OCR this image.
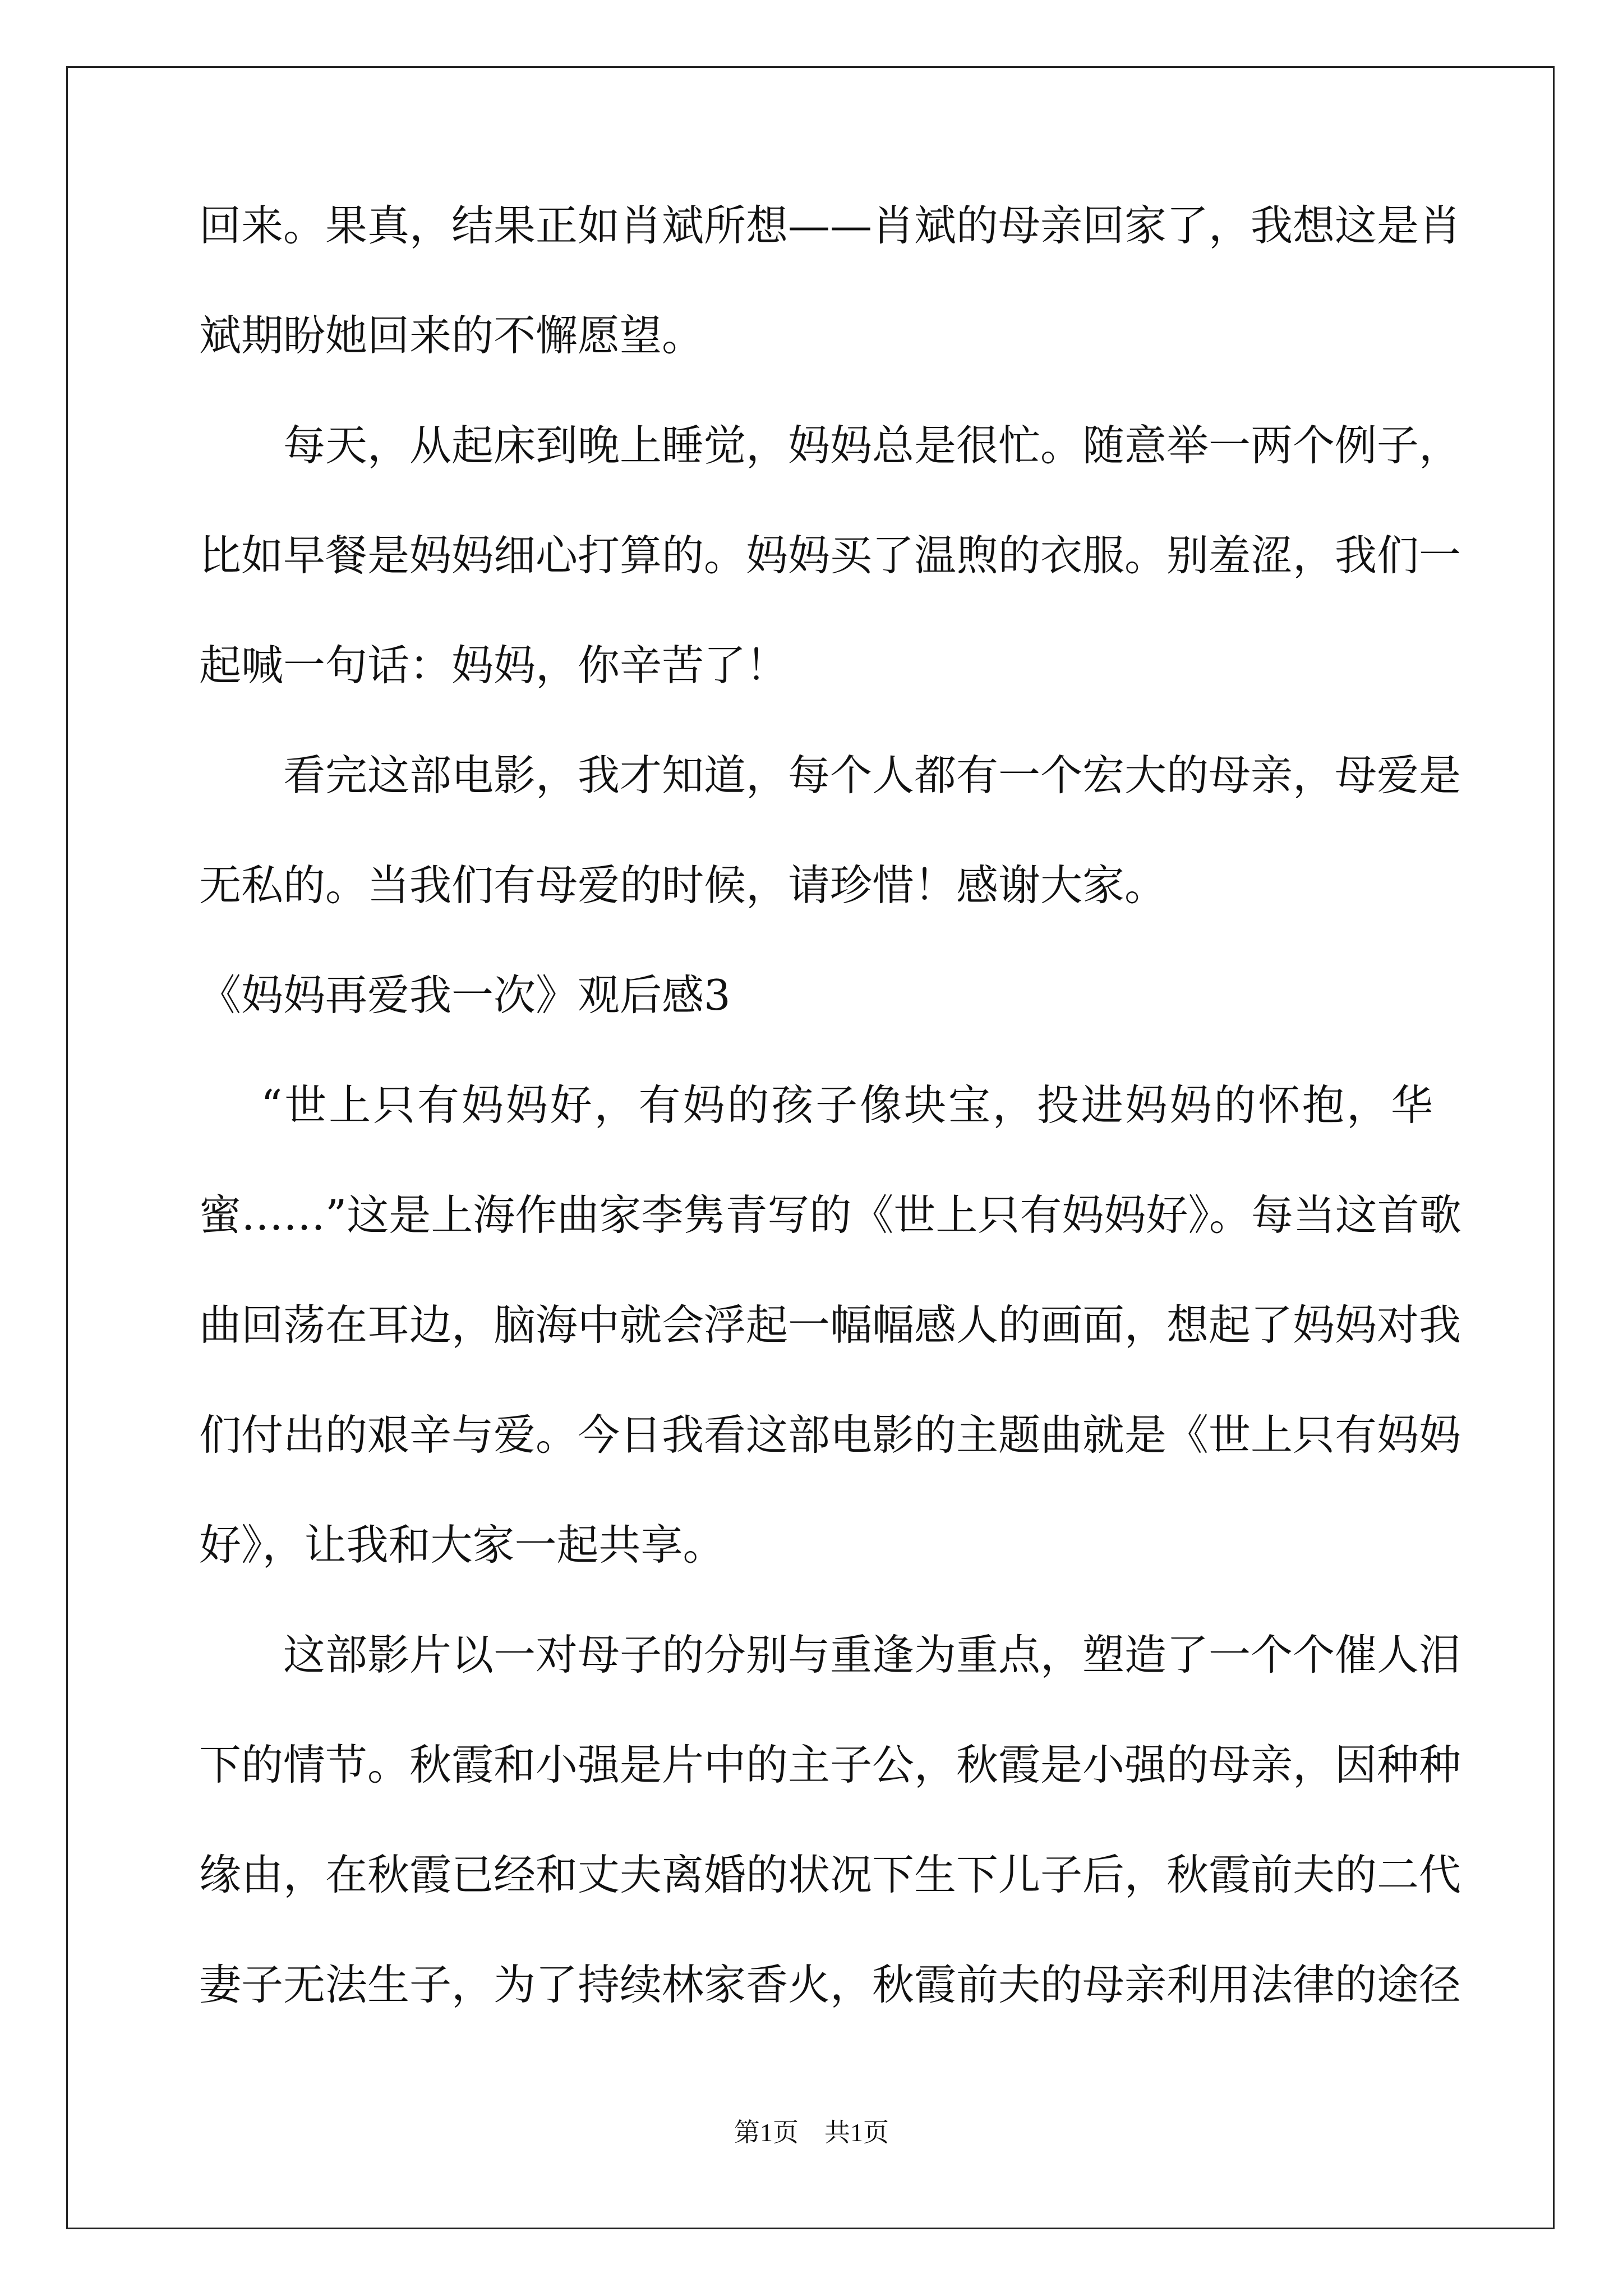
回来。果真，结果正如肖斌所想——肖斌的母亲回家了，我想这是肖
斌期盼她回来的不懈愿望。
每天，从起床到晚上睡觉，妈妈总是很忙。随意举一两个例子，
比如早餐是妈妈细心打算的。妈妈买了温煦的衣服。别羞涩，我们一
起喊一句话：妈妈，你辛苦了！
看完这部电影，我才知道，每个人都有一个宏大的母亲，母爱是
无私的。当我们有母爱的时候，请珍惜！感谢大家。
《妈妈再爱我一次》观后感3
“世上只有妈妈好，有妈的孩子像块宝，投进妈妈的怀抱，华
蜜……”这是上海作曲家李隽青写的《世上只有妈妈好》。每当这首歌
曲回荡在耳边，脑海中就会浮起一幅幅感人的画面，想起了妈妈对我
们付出的艰辛与爱。今日我看这部电影的主题曲就是《世上只有妈妈
好》，让我和大家一起共享。
这部影片以一对母子的分别与重逢为重点，塑造了一个个催人泪
下的情节。秋霞和小强是片中的主子公，秋霞是小强的母亲，因种种
缘由，在秋霞已经和丈夫离婚的状况下生下儿子后，秋霞前夫的二代
妻子无法生子，为了持续林家香火，秋霞前夫的母亲利用法律的途径
第1页　共1页
